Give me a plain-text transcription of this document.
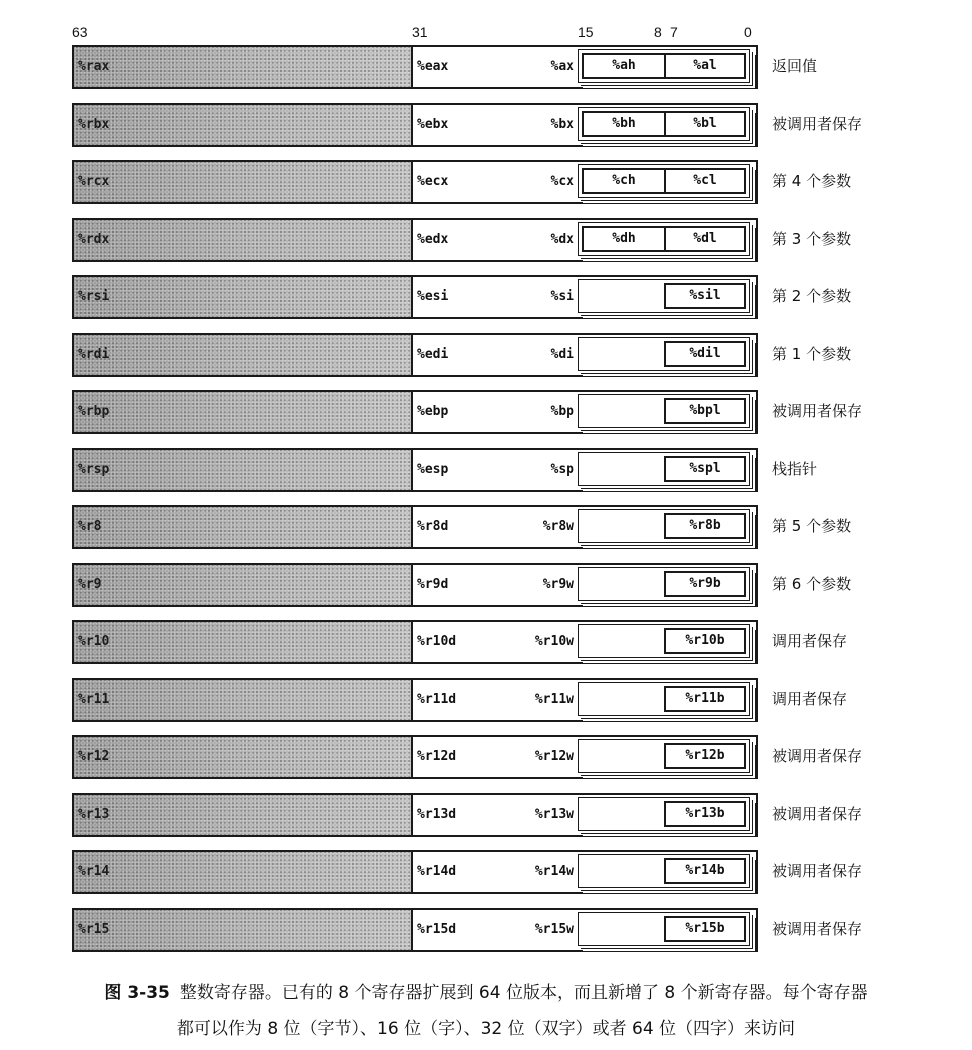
63	31	15	8 7	0
%rax	%eax	%ax	%ah	%al	返回值
%rbx	%ebx	%bx	%bh	%bl	被调用者保存
%rcx	%ecx	%cx	%ch	%cl	第 4 个参数
%rdx	%edx	%dx	%dh	%dl	第 3 个参数
%rsi	%esi	%si	%sil	第 2 个参数
%rdi	%edi	%di	%dil	第 1 个参数
%rbp	%ebp	%bp	%bpl	被调用者保存
%rsp	%esp	%sp	%spl	栈指针
%r8	%r8d	%r8w	%r8b	第 5 个参数
%r9	%r9d	%r9w	%r9b	第 6 个参数
%r10	%r10d	%r10w	%r10b	调用者保存
%r11	%r11d	%r11w	%r11b	调用者保存
%r12	%r12d	%r12w	%r12b	被调用者保存
%r13	%r13d	%r13w	%r13b	被调用者保存
%r14	%r14d	%r14w	%r14b	被调用者保存
%r15	%r15d	%r15w	%r15b	被调用者保存
图 3-35 整数寄存器。已有的 8 个寄存器扩展到 64 位版本，而且新增了 8 个新寄存器。每个寄存器
都可以作为 8 位（字节）、16 位（字）、32 位（双字）或者 64 位（四字）来访问
